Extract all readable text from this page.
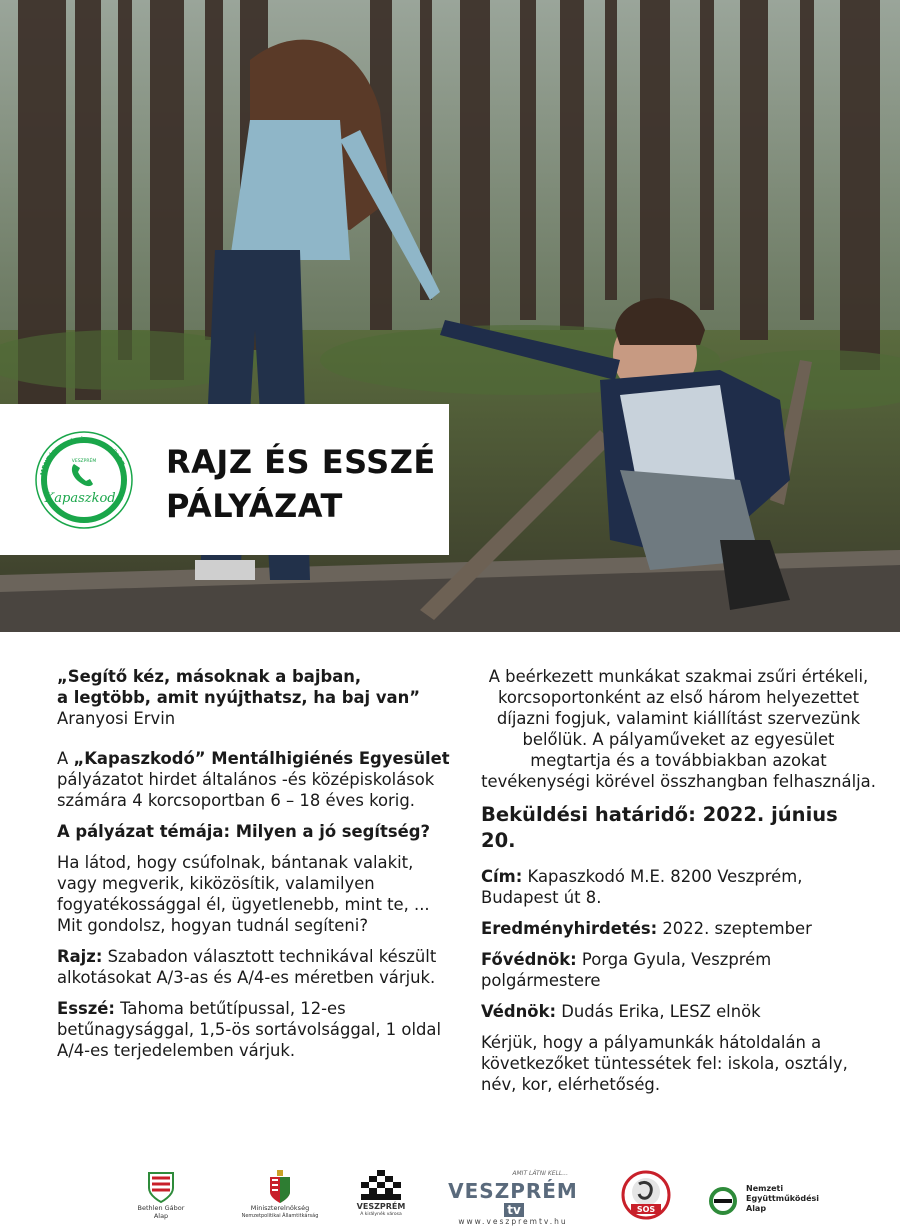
MENTÁLHIGIÉNÉS EGYESÜLET
VESZPRÉM
Kapaszkodó
RAJZ ÉS ESSZÉ
PÁLYÁZAT

„Segítő kéz, másoknak a bajban,

a legtöbb, amit nyújthatsz, ha baj van”

Aranyosi Ervin

A „Kapaszkodó” Mentálhigiénés Egyesület pályázatot hirdet általános -és középiskolások számára 4 korcsoportban 6 – 18 éves korig.

A pályázat témája: Milyen a jó segítség?

Ha látod, hogy csúfolnak, bántanak valakit, vagy megverik, kiközösítik, valamilyen fogyatékossággal él, ügyetlenebb, mint te, ... Mit gondolsz, hogyan tudnál segíteni?

Rajz: Szabadon választott technikával készült alkotásokat A/3-as és A/4-es méretben várjuk.

Esszé: Tahoma betűtípussal, 12-es betűnagysággal, 1,5-ös sortávolsággal, 1 oldal A/4-es terjedelemben várjuk.

A beérkezett munkákat szakmai zsűri értékeli, korcsoportonként az első három helyezettet díjazni fogjuk, valamint kiállítást szervezünk belőlük. A pályaműveket az egyesület megtartja és a továbbiakban azokat tevékenységi körével összhangban felhasználja.

Beküldési határidő: 2022. június 20.

Cím: Kapaszkodó M.E. 8200 Veszprém, Budapest út 8.

Eredményhirdetés: 2022. szeptember

Fővédnök: Porga Gyula, Veszprém polgármestere

Védnök: Dudás Erika, LESZ elnök

Kérjük, hogy a pályamunkák hátoldalán a következőket tüntessétek fel: iskola, osztály, név, kor, elérhetőség.

Bethlen Gábor
Alap
Miniszterelnökség
Nemzetpolitikai Államtitkárság
VESZPRÉM
A királynék városa
AMIT LÁTNI KELL...
VESZPRÉMtv
www.veszpremtv.hu
SOS
Nemzeti
Együttműködési
Alap
